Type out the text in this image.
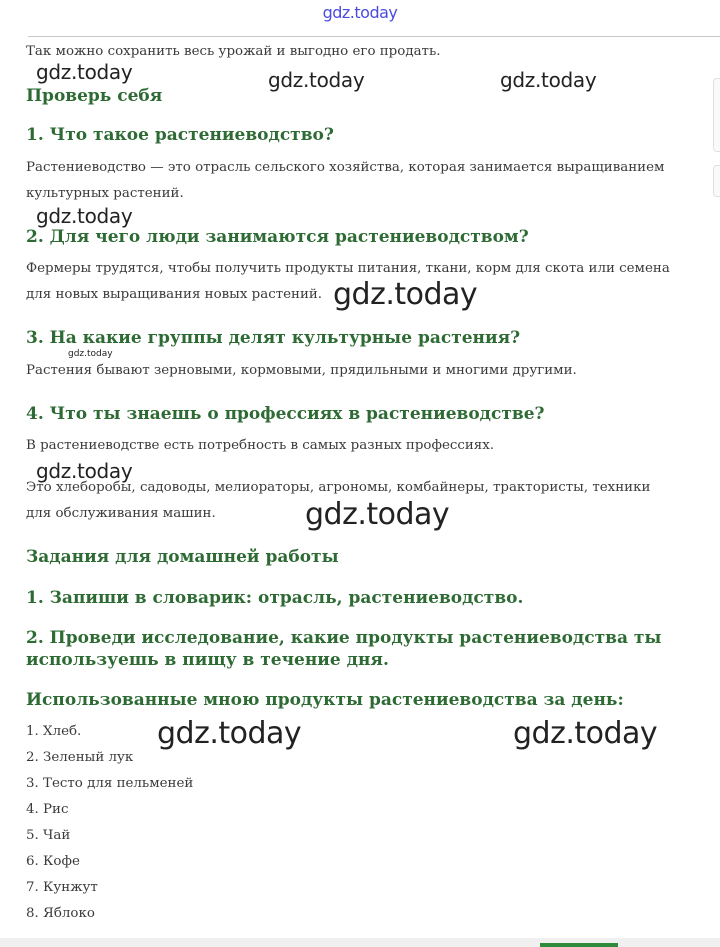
gdz.today

Так можно сохранить весь урожай и выгодно его продать.

Проверь себя
1. Что такое растениеводство?

Растениеводство — это отрасль сельского хозяйства, которая занимается выращиванием

культурных растений.

2. Для чего люди занимаются растениеводством?

Фермеры трудятся, чтобы получить продукты питания, ткани, корм для скота или семена

для новых выращивания новых растений.

3. На какие группы делят культурные растения?

Растения бывают зерновыми, кормовыми, прядильными и многими другими.

4. Что ты знаешь о профессиях в растениеводстве?

В растениеводстве есть потребность в самых разных профессиях.

Это хлеборобы, садоводы, мелиораторы, агрономы, комбайнеры, трактористы, техники

для обслуживания машин.

Задания для домашней работы
1. Запиши в словарик: отрасль, растениеводство.
2. Проведи исследование, какие продукты растениеводства ты
используешь в пищу в течение дня.
Использованные мною продукты растениеводства за день:
1. Хлеб.
2. Зеленый лук
3. Тесто для пельменей
4. Рис
5. Чай
6. Кофе
7. Кунжут
8. Яблоко
gdz.today	gdz.today	gdz.today
gdz.today
gdz.today
gdz.today
gdz.today
gdz.today
gdz.today	gdz.today
